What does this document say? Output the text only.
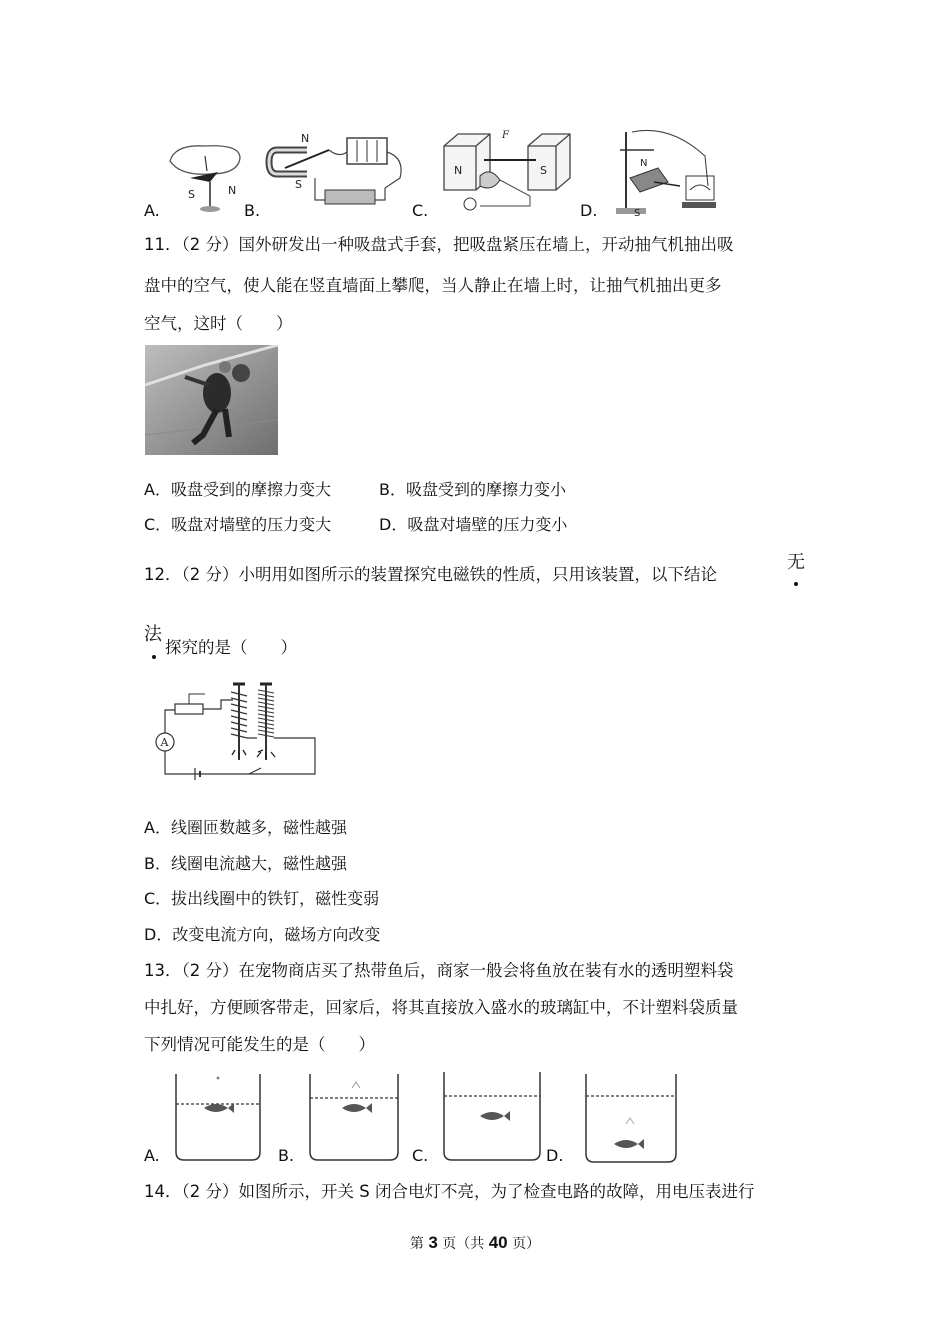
S	N
N
S
F
N	S
N
S
A.	B.	C.	D.
11．（2 分）国外研发出一种吸盘式手套，把吸盘紧压在墙上，开动抽气机抽出吸
盘中的空气，使人能在竖直墙面上攀爬，当人静止在墙上时，让抽气机抽出更多
空气，这时（　　）
A．吸盘受到的摩擦力变大	B．吸盘受到的摩擦力变小
C．吸盘对墙壁的压力变大	D．吸盘对墙壁的压力变小
12．（2 分）小明用如图所示的装置探究电磁铁的性质，只用该装置，以下结论
无
法
探究的是（　　）
A
A．线圈匝数越多，磁性越强
B．线圈电流越大，磁性越强
C．拔出线圈中的铁钉，磁性变弱
D．改变电流方向，磁场方向改变
13．（2 分）在宠物商店买了热带鱼后，商家一般会将鱼放在装有水的透明塑料袋
中扎好，方便顾客带走，回家后，将其直接放入盛水的玻璃缸中，不计塑料袋质量
下列情况可能发生的是（　　）
A.	B.	C.	D.
14．（2 分）如图所示，开关 S 闭合电灯不亮，为了检查电路的故障，用电压表进行
第 3 页（共 40 页）
